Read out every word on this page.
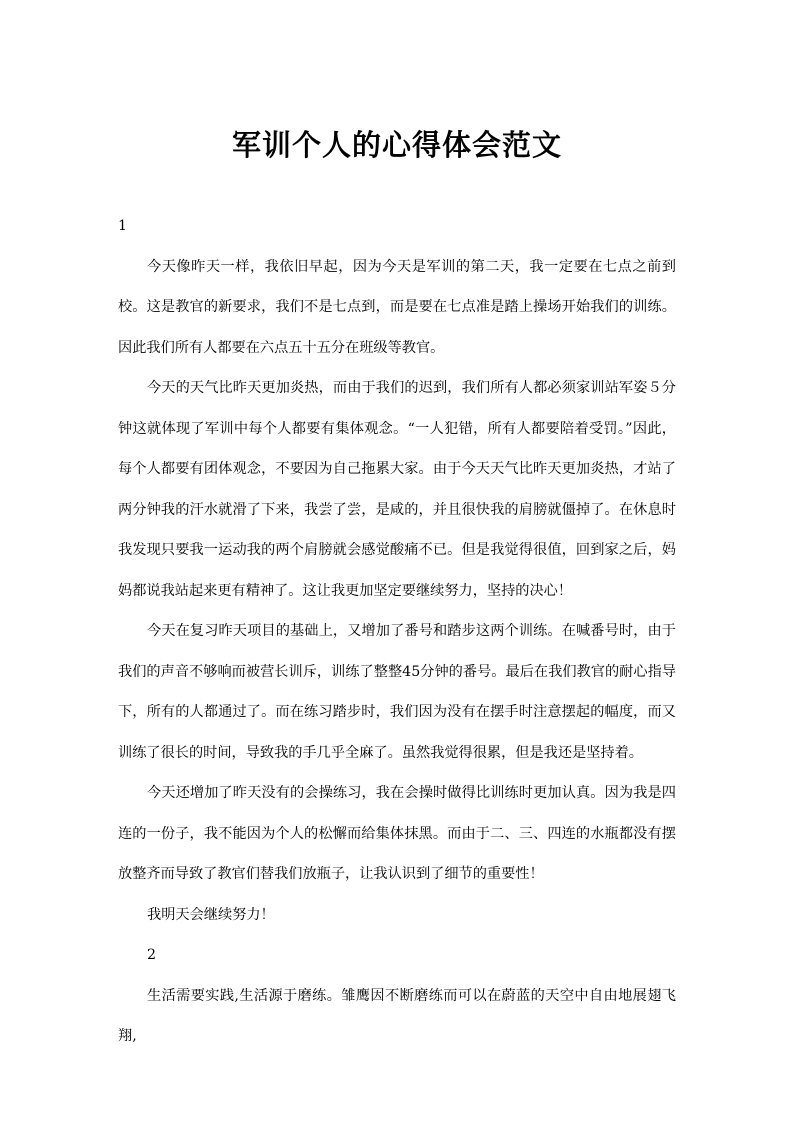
军训个人的心得体会范文

1

今天像昨天一样，我依旧早起，因为今天是军训的第二天，我一定要在七点之前到校。这是教官的新要求，我们不是七点到，而是要在七点准是踏上操场开始我们的训练。因此我们所有人都要在六点五十五分在班级等教官。

今天的天气比昨天更加炎热，而由于我们的迟到，我们所有人都必须家训站军姿５分钟这就体现了军训中每个人都要有集体观念。“一人犯错，所有人都要陪着受罚。”因此，每个人都要有团体观念，不要因为自己拖累大家。由于今天天气比昨天更加炎热，才站了两分钟我的汗水就滑了下来，我尝了尝，是咸的，并且很快我的肩膀就僵掉了。在休息时我发现只要我一运动我的两个肩膀就会感觉酸痛不已。但是我觉得很值，回到家之后，妈妈都说我站起来更有精神了。这让我更加坚定要继续努力，坚持的决心！

今天在复习昨天项目的基础上，又增加了番号和踏步这两个训练。在喊番号时，由于我们的声音不够响而被营长训斥，训练了整整45分钟的番号。最后在我们教官的耐心指导下，所有的人都通过了。而在练习踏步时，我们因为没有在摆手时注意摆起的幅度，而又训练了很长的时间，导致我的手几乎全麻了。虽然我觉得很累，但是我还是坚持着。

今天还增加了昨天没有的会操练习，我在会操时做得比训练时更加认真。因为我是四连的一份子，我不能因为个人的松懈而给集体抹黑。而由于二、三、四连的水瓶都没有摆放整齐而导致了教官们替我们放瓶子，让我认识到了细节的重要性！

我明天会继续努力！

2

生活需要实践,生活源于磨练。雏鹰因不断磨练而可以在蔚蓝的天空中自由地展翅飞翔,
